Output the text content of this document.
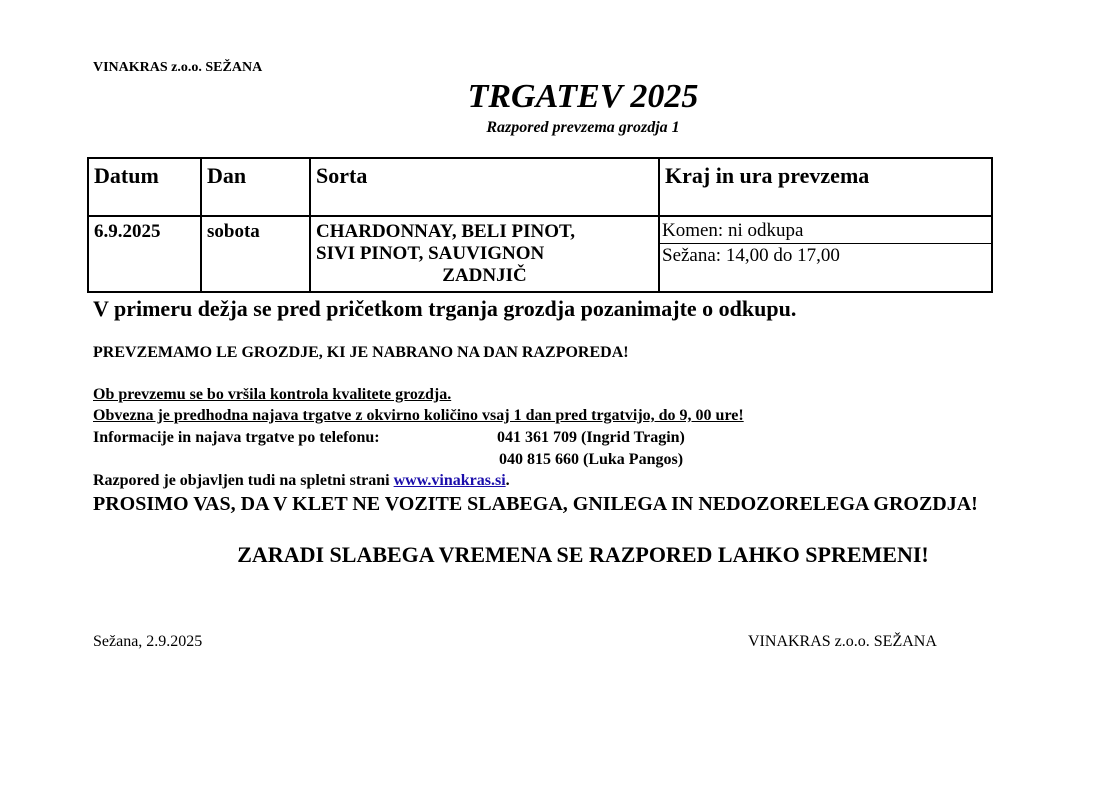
VINAKRAS z.o.o. SEŽANA
TRGATEV 2025
Razpored prevzema grozdja 1
Datum	Dan	Sorta	Kraj in ura prevzema
6.9.2025	sobota	CHARDONNAY, BELI PINOT,
SIVI PINOT, SAUVIGNON
ZADNJIČ	Komen: ni odkupa
Sežana: 14,00 do 17,00
V primeru dežja se pred pričetkom trganja grozdja pozanimajte o odkupu.
PREVZEMAMO LE GROZDJE, KI JE NABRANO NA DAN RAZPOREDA!
Ob prevzemu se bo vršila kontrola kvalitete grozdja.
Obvezna je predhodna najava trgatve z okvirno količino vsaj 1 dan pred trgatvijo, do 9, 00 ure!
Informacije in najava trgatve po telefonu:	041 361 709 (Ingrid Tragin)
040 815 660 (Luka Pangos)
Razpored je objavljen tudi na spletni strani www.vinakras.si.
PROSIMO VAS, DA V KLET NE VOZITE SLABEGA, GNILEGA IN NEDOZORELEGA GROZDJA!
ZARADI SLABEGA VREMENA SE RAZPORED LAHKO SPREMENI!
Sežana, 2.9.2025	VINAKRAS z.o.o. SEŽANA
